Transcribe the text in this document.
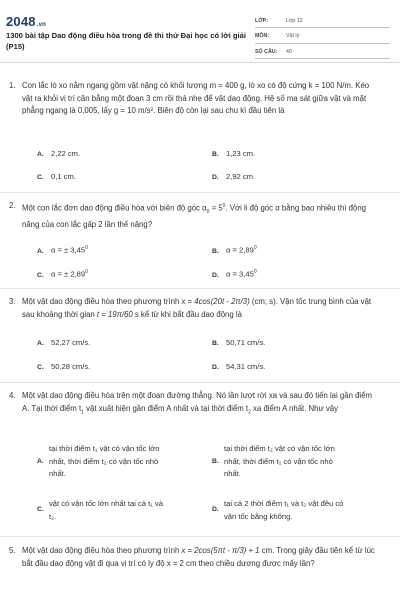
2048.vn
1300 bài tập Dao động điều hòa trong đề thi thử Đại học có lời giải (P15)
LỚP:	Lớp 12
MÔN:	Vật lý
SỐ CÂU:	40
1. Con lắc lò xo nằm ngang gồm vật nặng có khối lượng m = 400 g, lò xo có độ cứng k = 100 N/m. Kéo vật ra khỏi vị trí cân bằng một đoạn 3 cm rồi thả nhẹ để vật dao động. Hệ số ma sát giữa vật và mặt phẳng ngang là 0,005, lấy g = 10 m/s². Biên độ còn lại sau chu kì đầu tiên là
A. 2,22 cm.	B. 1,23 cm.
C. 0,1 cm.	D. 2,92 cm.
2. Một con lắc đơn dao động điều hòa với biên độ góc $\alpha_0 = 5^0$. Với li độ góc α bằng bao nhiêu thì động năng của con lắc gấp 2 lần thế năng?
A. α = ± $3,45^0$	B. $\alpha = 2,89^0$
C. α = ± $2,89^0$	D. $\alpha = 3,45^0$
3. Một vật dao động điều hòa theo phương trình x = 4cos(20t - 2π/3) (cm; s). Vận tốc trung bình của vật sau khoảng thời gian t = 19π/60 s kể từ khi bắt đầu dao động là
A. 52,27 cm/s.	B. 50,71 cm/s.
C. 50,28 cm/s.	D. 54,31 cm/s.
4. Một vật dao động điều hòa trên một đoạn đường thẳng. Nó lần lượt rời xa và sau đó tiến lại gần điểm A. Tại thời điểm $t_1$ vật xuất hiện gần điểm A nhất và tại thời điểm $t_2$ xa điểm A nhất. Như vậy
A.
tại thời điểm t₁ vật có vận tốc lớn
nhất, thời điểm t₂ có vận tốc nhỏ
nhất.
B.
tại thời điểm t₂ vật có vận tốc lớn
nhất, thời điểm t₁ có vận tốc nhỏ
nhất.
C.
vật có vận tốc lớn nhất tại cả t₁ và
t₂.
D.
tại cả 2 thời điểm t₁ và t₂ vật đều có
vận tốc bằng không.
5. Một vật dao động điều hòa theo phương trình x = 2cos(5πt - π/3) + 1 cm. Trong giây đầu tiên kể từ lúc bắt đầu dao động vật đi qua vị trí có ly độ x = 2 cm theo chiều dương được mấy lần?
